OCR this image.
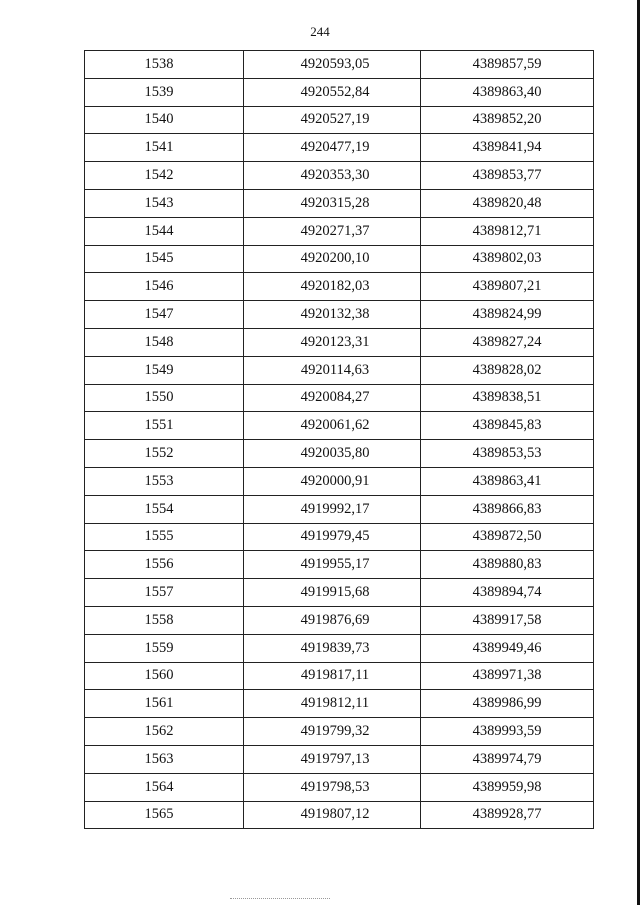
244
1538	4920593,05	4389857,59
1539	4920552,84	4389863,40
1540	4920527,19	4389852,20
1541	4920477,19	4389841,94
1542	4920353,30	4389853,77
1543	4920315,28	4389820,48
1544	4920271,37	4389812,71
1545	4920200,10	4389802,03
1546	4920182,03	4389807,21
1547	4920132,38	4389824,99
1548	4920123,31	4389827,24
1549	4920114,63	4389828,02
1550	4920084,27	4389838,51
1551	4920061,62	4389845,83
1552	4920035,80	4389853,53
1553	4920000,91	4389863,41
1554	4919992,17	4389866,83
1555	4919979,45	4389872,50
1556	4919955,17	4389880,83
1557	4919915,68	4389894,74
1558	4919876,69	4389917,58
1559	4919839,73	4389949,46
1560	4919817,11	4389971,38
1561	4919812,11	4389986,99
1562	4919799,32	4389993,59
1563	4919797,13	4389974,79
1564	4919798,53	4389959,98
1565	4919807,12	4389928,77
